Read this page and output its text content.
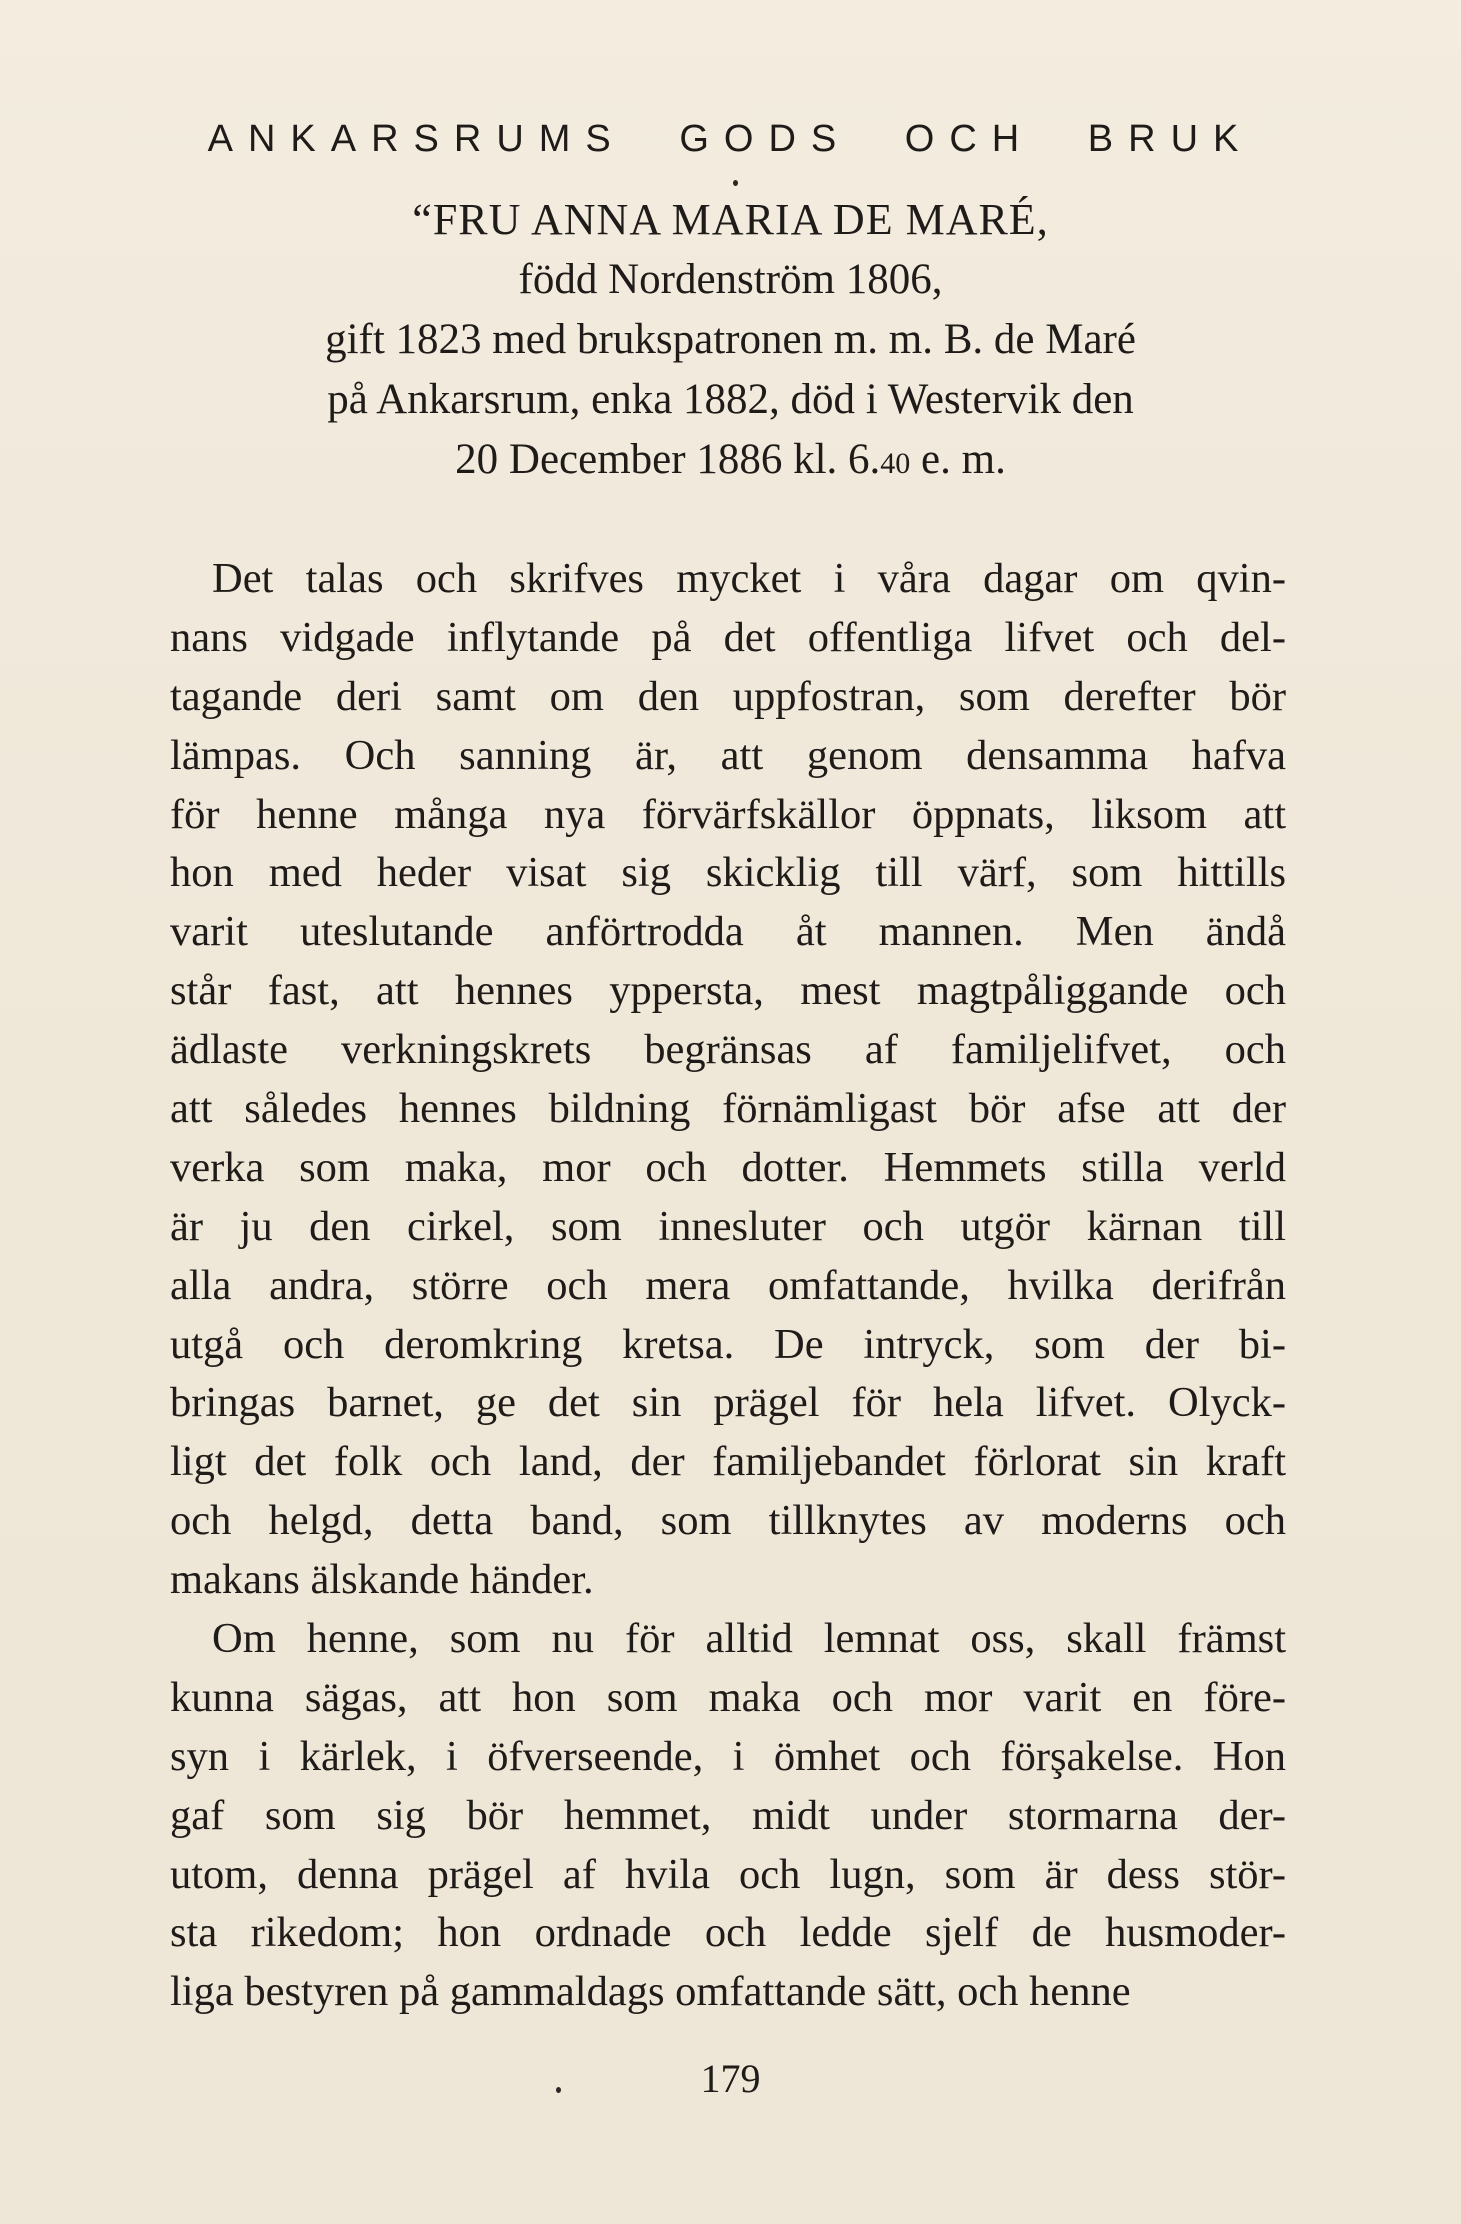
ANKARSRUMS GODS OCH BRUK
“FRU ANNA MARIA DE MARÉ,
född Nordenström 1806,
gift 1823 med brukspatronen m. m. B. de Maré
på Ankarsrum, enka 1882, död i Westervik den
20 December 1886 kl. 6.40 e. m.
Det talas och skrifves mycket i våra dagar om qvin-
nans vidgade inflytande på det offentliga lifvet och del-
tagande deri samt om den uppfostran, som derefter bör
lämpas. Och sanning är, att genom densamma hafva
för henne många nya förvärfskällor öppnats, liksom att
hon med heder visat sig skicklig till värf, som hittills
varit uteslutande anförtrodda åt mannen. Men ändå
står fast, att hennes yppersta, mest magtpåliggande och
ädlaste verkningskrets begränsas af familjelifvet, och
att således hennes bildning förnämligast bör afse att der
verka som maka, mor och dotter. Hemmets stilla verld
är ju den cirkel, som innesluter och utgör kärnan till
alla andra, större och mera omfattande, hvilka derifrån
utgå och deromkring kretsa. De intryck, som der bi-
bringas barnet, ge det sin prägel för hela lifvet. Olyck-
ligt det folk och land, der familjebandet förlorat sin kraft
och helgd, detta band, som tillknytes av moderns och
makans älskande händer.
Om henne, som nu för alltid lemnat oss, skall främst
kunna sägas, att hon som maka och mor varit en före-
syn i kärlek, i öfverseende, i ömhet och förşakelse. Hon
gaf som sig bör hemmet, midt under stormarna der-
utom, denna prägel af hvila och lugn, som är dess stör-
sta rikedom; hon ordnade och ledde sjelf de husmoder-
liga bestyren på gammaldags omfattande sätt, och henne
179
